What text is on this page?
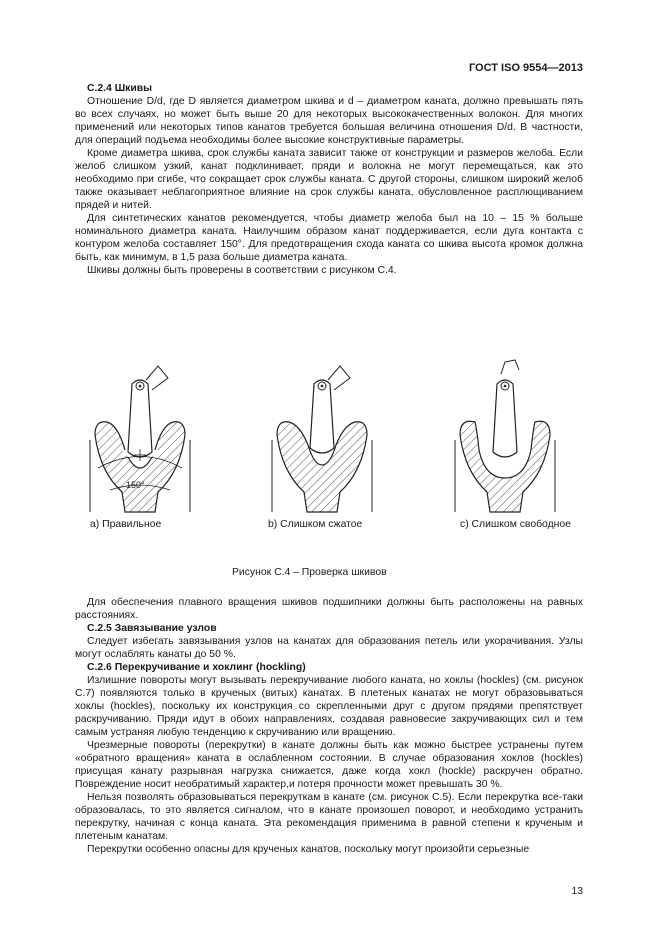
ГОСТ ISO 9554—2013
С.2.4 Шкивы

Отношение D/d, где D является диаметром шкива и d – диаметром каната, должно превышать пять во всех случаях, но может быть выше 20 для некоторых высококачественных волокон. Для многих применений или некоторых типов канатов требуется большая величина отношения D/d. В частности, для операций подъема необходимы более высокие конструктивные параметры.

Кроме диаметра шкива, срок службы каната зависит также от конструкции и размеров желоба. Если желоб слишком узкий, канат подклинивает, пряди и волокна не могут перемещаться, как это необходимо при сгибе, что сокращает срок службы каната. С другой стороны, слишком широкий желоб также оказывает неблагоприятное влияние на срок службы каната, обусловленное расплющиванием прядей и нитей.

Для синтетических канатов рекомендуется, чтобы диаметр желоба был на 10 – 15 % больше номинального диаметра каната. Наилучшим образом канат поддерживается, если дуга контакта с контуром желоба составляет 150°. Для предотвращения схода каната со шкива высота кромок должна быть, как минимум, в 1,5 раза больше диаметра каната.

Шкивы должны быть проверены в соответствии с рисунком С.4.

150°
а) Правильное	b) Слишком сжатое	с) Слишком свободное
Рисунок С.4 – Проверка шкивов

Для обеспечения плавного вращения шкивов подшипники должны быть расположены на равных расстояниях.

С.2.5 Завязывание узлов

Следует избегать завязывания узлов на канатах для образования петель или укорачивания. Узлы могут ослаблять канаты до 50 %.

С.2.6 Перекручивание и хоклинг (hockling)

Излишние повороты могут вызывать перекручивание любого каната, но хоклы (hockles) (см. рисунок С.7) появляются только в крученых (витых) канатах. В плетеных канатах не могут образовываться хоклы (hockles), поскольку их конструкция со скрепленными друг с другом прядями препятствует раскручиванию. Пряди идут в обоих направлениях, создавая равновесие закручивающих сил и тем самым устраняя любую тенденцию к скручиванию или вращению.

Чрезмерные повороты (перекрутки) в канате должны быть как можно быстрее устранены путем «обратного вращения» каната в ослабленном состоянии. В случае образования хоклов (hockles) присущая канату разрывная нагрузка снижается, даже когда хокл (hockle) раскручен обратно. Повреждение носит необратимый характер,и потеря прочности может превышать 30 %.

Нельзя позволять образовываться перекруткам в канате (см. рисунок С.5). Если перекрутка все-таки образовалась, то это является сигналом, что в канате произошел поворот, и необходимо устранить перекрутку, начиная с конца каната. Эта рекомендация применима в равной степени к крученым и плетеным канатам.

Перекрутки особенно опасны для крученых канатов, поскольку могут произойти серьезные

13
